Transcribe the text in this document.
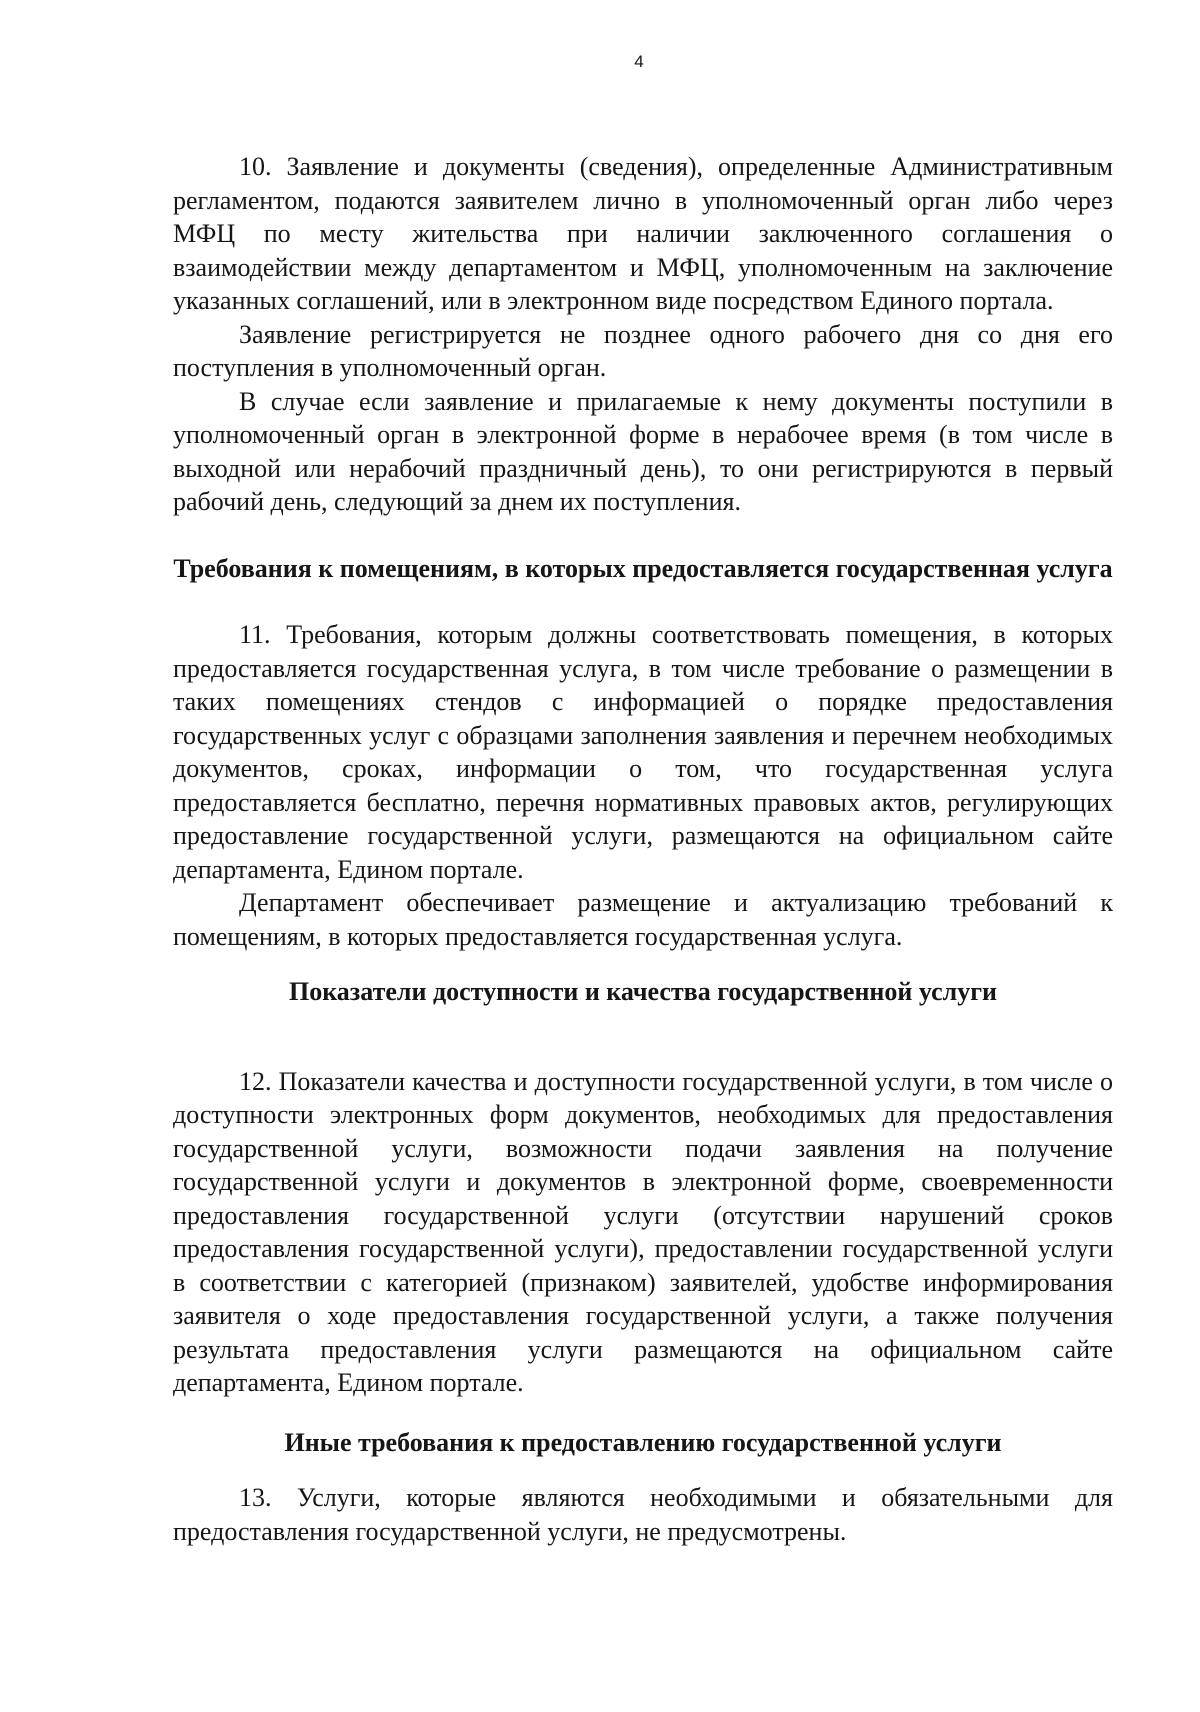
4

10. Заявление и документы (сведения), определенные Административным регламентом, подаются заявителем лично в уполномоченный орган либо через МФЦ по месту жительства при наличии заключенного соглашения о взаимодействии между департаментом и МФЦ, уполномоченным на заключение указанных соглашений, или в электронном виде посредством Единого портала.

Заявление регистрируется не позднее одного рабочего дня со дня его поступления в уполномоченный орган.

В случае если заявление и прилагаемые к нему документы поступили в уполномоченный орган в электронной форме в нерабочее время (в том числе в выходной или нерабочий праздничный день), то они регистрируются в первый рабочий день, следующий за днем их поступления.

Требования к помещениям, в которых предоставляется государственная услуга

11. Требования, которым должны соответствовать помещения, в которых предоставляется государственная услуга, в том числе требование о размещении в таких помещениях стендов с информацией о порядке предоставления государственных услуг с образцами заполнения заявления и перечнем необходимых документов, сроках, информации о том, что государственная услуга предоставляется бесплатно, перечня нормативных правовых актов, регулирующих предоставление государственной услуги, размещаются на официальном сайте департамента, Едином портале.

Департамент обеспечивает размещение и актуализацию требований к помещениям, в которых предоставляется государственная услуга.

Показатели доступности и качества государственной услуги

12. Показатели качества и доступности государственной услуги, в том числе о доступности электронных форм документов, необходимых для предоставления государственной услуги, возможности подачи заявления на получение государственной услуги и документов в электронной форме, своевременности предоставления государственной услуги (отсутствии нарушений сроков предоставления государственной услуги), предоставлении государственной услуги в соответствии с категорией (признаком) заявителей, удобстве информирования заявителя о ходе предоставления государственной услуги, а также получения результата предоставления услуги размещаются на официальном сайте департамента, Едином портале.

Иные требования к предоставлению государственной услуги

13. Услуги, которые являются необходимыми и обязательными для предоставления государственной услуги, не предусмотрены.
